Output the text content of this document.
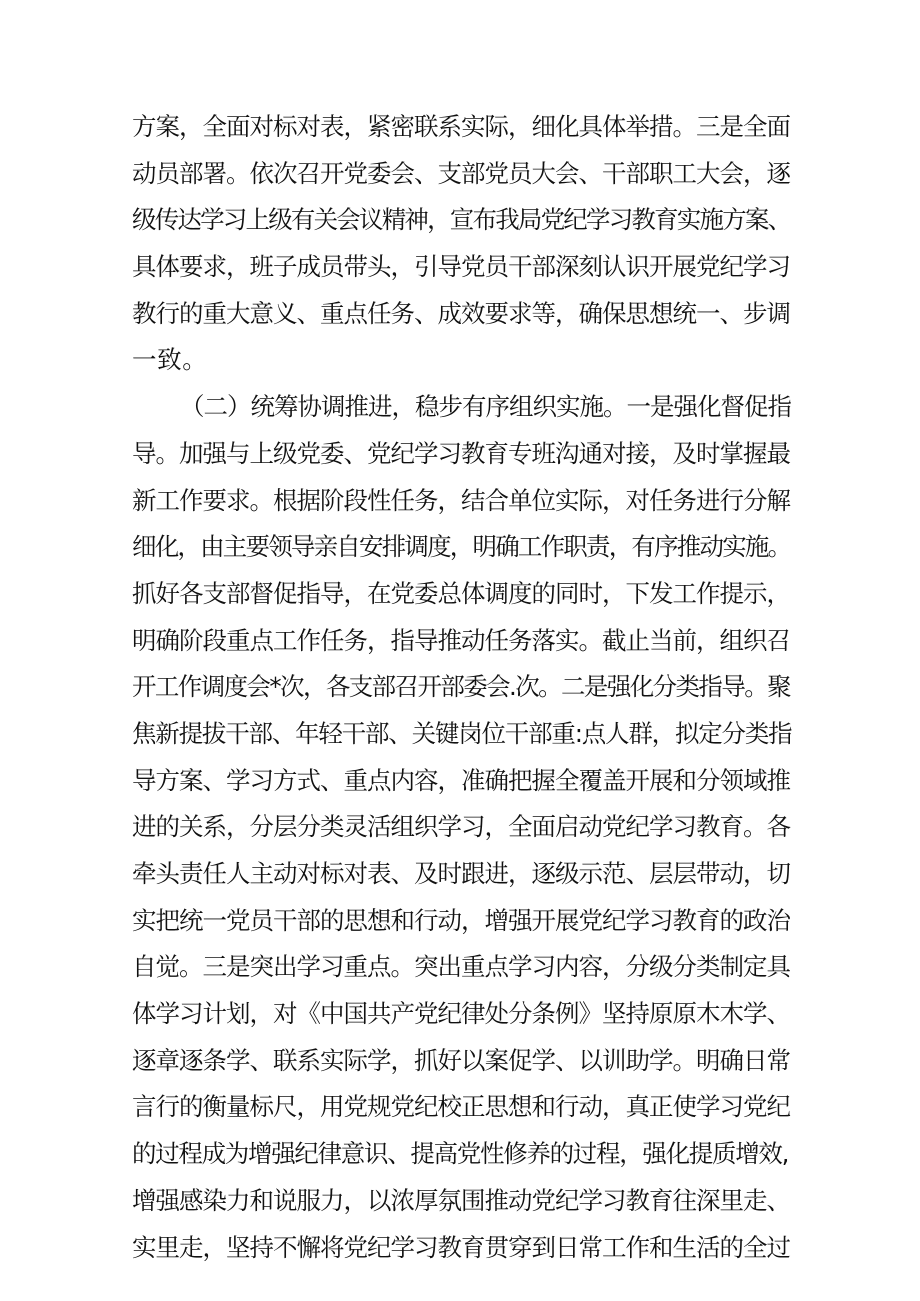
方案，全面对标对表，紧密联系实际，细化具体举措。三是全面
动员部署。依次召开党委会、支部党员大会、干部职工大会，逐
级传达学习上级有关会议精神，宣布我局党纪学习教育实施方案、
具体要求，班子成员带头，引导党员干部深刻认识开展党纪学习
教行的重大意义、重点任务、成效要求等，确保思想统一、步调
一致。
（二）统筹协调推进，稳步有序组织实施。一是强化督促指
导。加强与上级党委、党纪学习教育专班沟通对接，及时掌握最
新工作要求。根据阶段性任务，结合单位实际，对任务进行分解
细化，由主要领导亲自安排调度，明确工作职责，有序推动实施。
抓好各支部督促指导，在党委总体调度的同时，下发工作提示，
明确阶段重点工作任务，指导推动任务落实。截止当前，组织召
开工作调度会*次，各支部召开部委会.次。二是强化分类指导。聚
焦新提拔干部、年轻干部、关键岗位干部重:点人群，拟定分类指
导方案、学习方式、重点内容，准确把握全覆盖开展和分领域推
进的关系，分层分类灵活组织学习，全面启动党纪学习教育。各
牵头责任人主动对标对表、及时跟进，逐级示范、层层带动，切
实把统一党员干部的思想和行动，增强开展党纪学习教育的政治
自觉。三是突出学习重点。突出重点学习内容，分级分类制定具
体学习计划，对《中国共产党纪律处分条例》坚持原原木木学、
逐章逐条学、联系实际学，抓好以案促学、以训助学。明确日常
言行的衡量标尺，用党规党纪校正思想和行动，真正使学习党纪
的过程成为增强纪律意识、提高党性修养的过程，强化提质增效,
增强感染力和说服力，以浓厚氛围推动党纪学习教育往深里走、
实里走，坚持不懈将党纪学习教育贯穿到日常工作和生活的全过
